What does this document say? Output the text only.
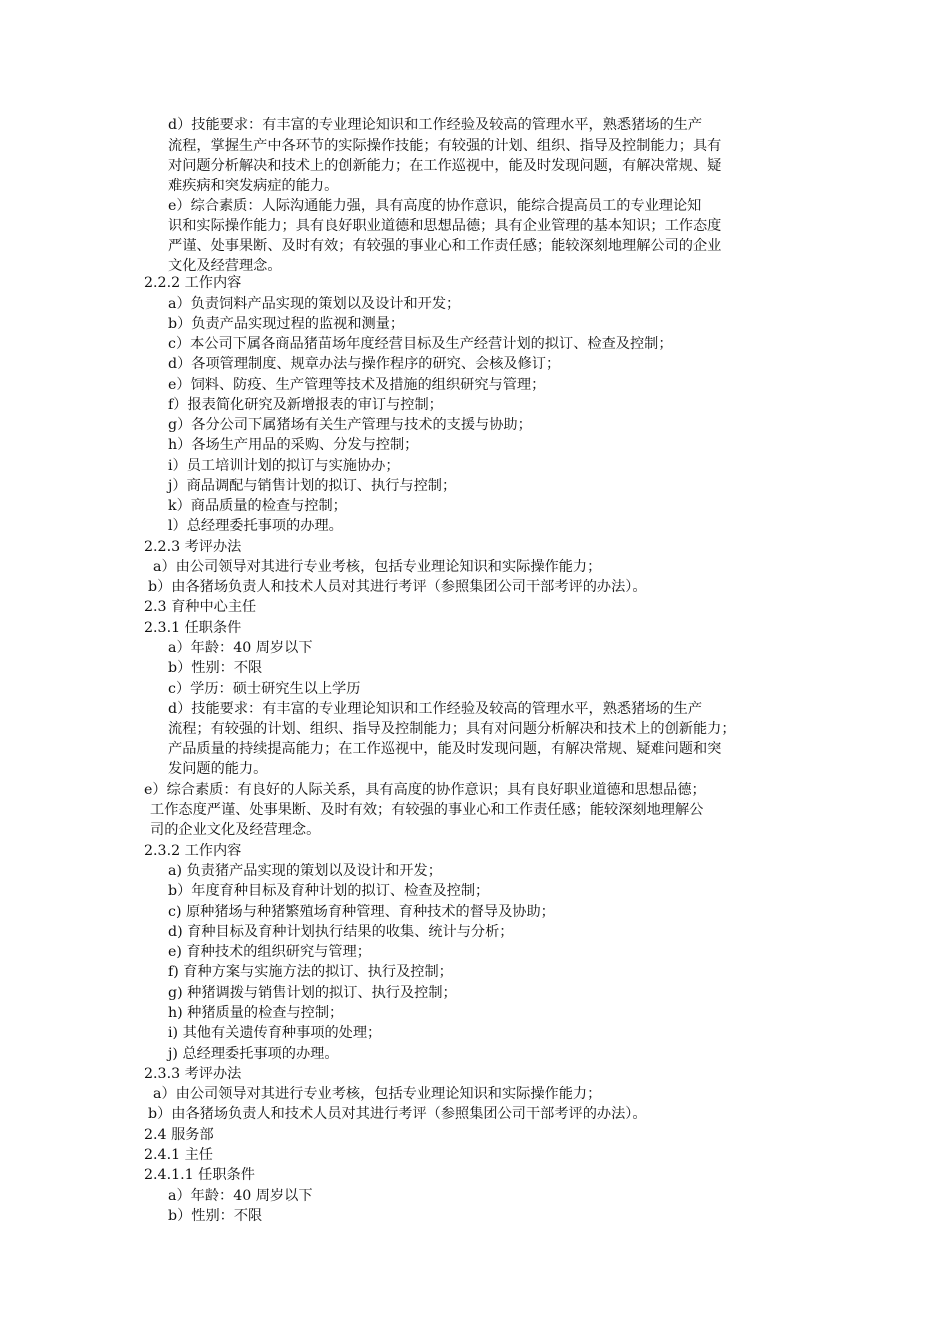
d）技能要求：有丰富的专业理论知识和工作经验及较高的管理水平，熟悉猪场的生产
流程，掌握生产中各环节的实际操作技能；有较强的计划、组织、指导及控制能力；具有
对问题分析解决和技术上的创新能力；在工作巡视中，能及时发现问题，有解决常规、疑
难疾病和突发病症的能力。
e）综合素质：人际沟通能力强，具有高度的协作意识，能综合提高员工的专业理论知
识和实际操作能力；具有良好职业道德和思想品德；具有企业管理的基本知识；工作态度
严谨、处事果断、及时有效；有较强的事业心和工作责任感；能较深刻地理解公司的企业
文化及经营理念。
2.2.2 工作内容
a）负责饲料产品实现的策划以及设计和开发；
b）负责产品实现过程的监视和测量；
c）本公司下属各商品猪苗场年度经营目标及生产经营计划的拟订、检查及控制；
d）各项管理制度、规章办法与操作程序的研究、会核及修订；
e）饲料、防疫、生产管理等技术及措施的组织研究与管理；
f）报表简化研究及新增报表的审订与控制；
g）各分公司下属猪场有关生产管理与技术的支援与协助；
h）各场生产用品的采购、分发与控制；
i）员工培训计划的拟订与实施协办；
j）商品调配与销售计划的拟订、执行与控制；
k）商品质量的检查与控制；
l）总经理委托事项的办理。
2.2.3 考评办法
a）由公司领导对其进行专业考核，包括专业理论知识和实际操作能力；
b）由各猪场负责人和技术人员对其进行考评（参照集团公司干部考评的办法）。
2.3 育种中心主任
2.3.1 任职条件
a）年龄：40 周岁以下
b）性别：不限
c）学历：硕士研究生以上学历
d）技能要求：有丰富的专业理论知识和工作经验及较高的管理水平，熟悉猪场的生产
流程；有较强的计划、组织、指导及控制能力；具有对问题分析解决和技术上的创新能力；
产品质量的持续提高能力；在工作巡视中，能及时发现问题，有解决常规、疑难问题和突
发问题的能力。
e）综合素质：有良好的人际关系，具有高度的协作意识；具有良好职业道德和思想品德；
工作态度严谨、处事果断、及时有效；有较强的事业心和工作责任感；能较深刻地理解公
司的企业文化及经营理念。
2.3.2 工作内容
a) 负责猪产品实现的策划以及设计和开发；
b）年度育种目标及育种计划的拟订、检查及控制；
c) 原种猪场与种猪繁殖场育种管理、育种技术的督导及协助；
d) 育种目标及育种计划执行结果的收集、统计与分析；
e) 育种技术的组织研究与管理；
f) 育种方案与实施方法的拟订、执行及控制；
g) 种猪调拨与销售计划的拟订、执行及控制；
h) 种猪质量的检查与控制；
i) 其他有关遗传育种事项的处理；
j) 总经理委托事项的办理。
2.3.3 考评办法
a）由公司领导对其进行专业考核，包括专业理论知识和实际操作能力；
b）由各猪场负责人和技术人员对其进行考评（参照集团公司干部考评的办法）。
2.4 服务部
2.4.1 主任
2.4.1.1 任职条件
a）年龄：40 周岁以下
b）性别：不限
